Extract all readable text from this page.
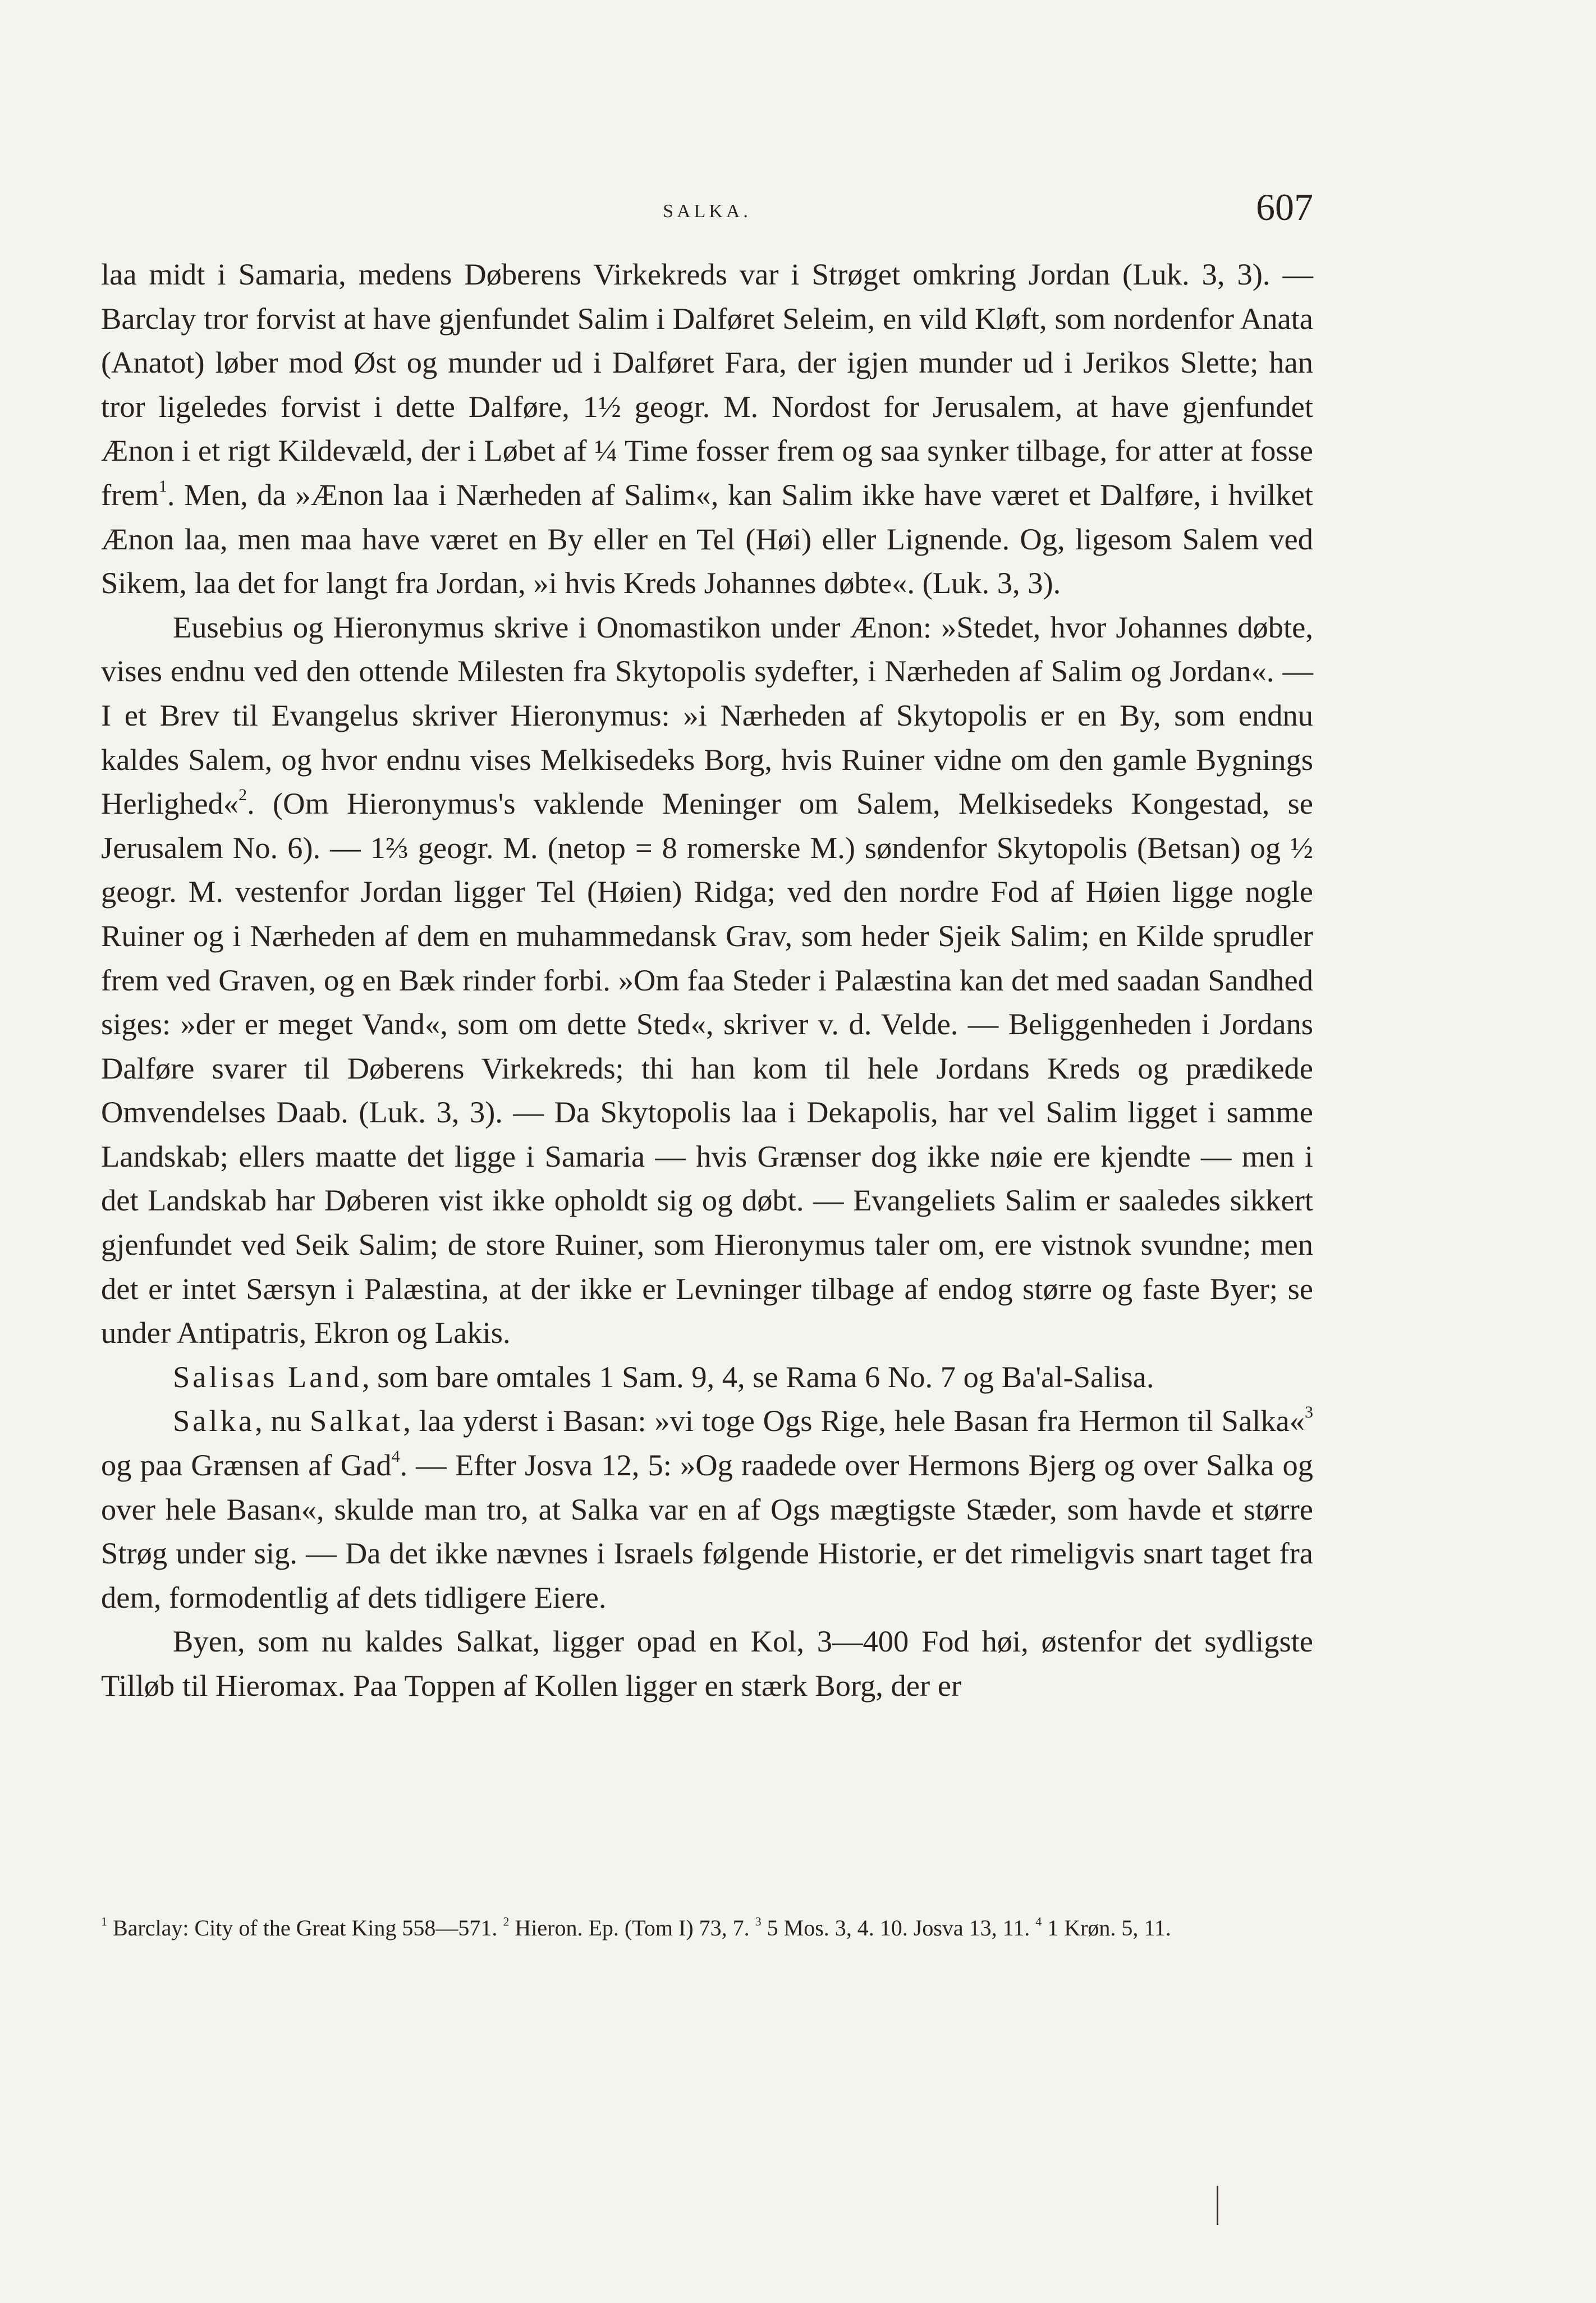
SALKA.	607

laa midt i Samaria, medens Døberens Virkekreds var i Strøget omkring Jordan (Luk. 3, 3). — Barclay tror forvist at have gjenfundet Salim i Dalføret Seleim, en vild Kløft, som nordenfor Anata (Anatot) løber mod Øst og munder ud i Dalføret Fara, der igjen munder ud i Jerikos Slette; han tror ligeledes forvist i dette Dalføre, 1½ geogr. M. Nordost for Jerusalem, at have gjenfundet Ænon i et rigt Kildevæld, der i Løbet af ¼ Time fosser frem og saa synker tilbage, for atter at fosse frem$^1$. Men, da »Ænon laa i Nærheden af Salim«, kan Salim ikke have været et Dalføre, i hvilket Ænon laa, men maa have været en By eller en Tel (Høi) eller Lignende. Og, ligesom Salem ved Sikem, laa det for langt fra Jordan, »i hvis Kreds Johannes døbte«. (Luk. 3, 3).

Eusebius og Hieronymus skrive i Onomastikon under Ænon: »Stedet, hvor Johannes døbte, vises endnu ved den ottende Milesten fra Skytopolis sydefter, i Nærheden af Salim og Jordan«. — I et Brev til Evangelus skriver Hieronymus: »i Nærheden af Skytopolis er en By, som endnu kaldes Salem, og hvor endnu vises Melkisedeks Borg, hvis Ruiner vidne om den gamle Bygnings Herlighed«$^2$. (Om Hieronymus's vaklende Meninger om Salem, Melkisedeks Kongestad, se Jerusalem No. 6). — 1⅔ geogr. M. (netop = 8 romerske M.) søndenfor Skytopolis (Betsan) og ½ geogr. M. vestenfor Jordan ligger Tel (Høien) Ridga; ved den nordre Fod af Høien ligge nogle Ruiner og i Nærheden af dem en muhammedansk Grav, som heder Sjeik Salim; en Kilde sprudler frem ved Graven, og en Bæk rinder forbi. »Om faa Steder i Palæstina kan det med saadan Sandhed siges: »der er meget Vand«, som om dette Sted«, skriver v. d. Velde. — Beliggenheden i Jordans Dalføre svarer til Døberens Virkekreds; thi han kom til hele Jordans Kreds og prædikede Omvendelses Daab. (Luk. 3, 3). — Da Skytopolis laa i Dekapolis, har vel Salim ligget i samme Landskab; ellers maatte det ligge i Samaria — hvis Grænser dog ikke nøie ere kjendte — men i det Landskab har Døberen vist ikke opholdt sig og døbt. — Evangeliets Salim er saaledes sikkert gjenfundet ved Seik Salim; de store Ruiner, som Hieronymus taler om, ere vistnok svundne; men det er intet Særsyn i Palæstina, at der ikke er Levninger tilbage af endog større og faste Byer; se under Antipatris, Ekron og Lakis.

Salisas Land, som bare omtales 1 Sam. 9, 4, se Rama 6 No. 7 og Ba'al-Salisa.

Salka, nu Salkat, laa yderst i Basan: »vi toge Ogs Rige, hele Basan fra Hermon til Salka«$^3$ og paa Grænsen af Gad$^4$. — Efter Josva 12, 5: »Og raadede over Hermons Bjerg og over Salka og over hele Basan«, skulde man tro, at Salka var en af Ogs mægtigste Stæder, som havde et større Strøg under sig. — Da det ikke nævnes i Israels følgende Historie, er det rimeligvis snart taget fra dem, formodentlig af dets tidligere Eiere.

Byen, som nu kaldes Salkat, ligger opad en Kol, 3—400 Fod høi, østenfor det sydligste Tilløb til Hieromax. Paa Toppen af Kollen ligger en stærk Borg, der er

$^1$ Barclay: City of the Great King 558—571. $^2$ Hieron. Ep. (Tom I) 73, 7. $^3$ 5 Mos. 3, 4. 10. Josva 13, 11. $^4$ 1 Krøn. 5, 11.
